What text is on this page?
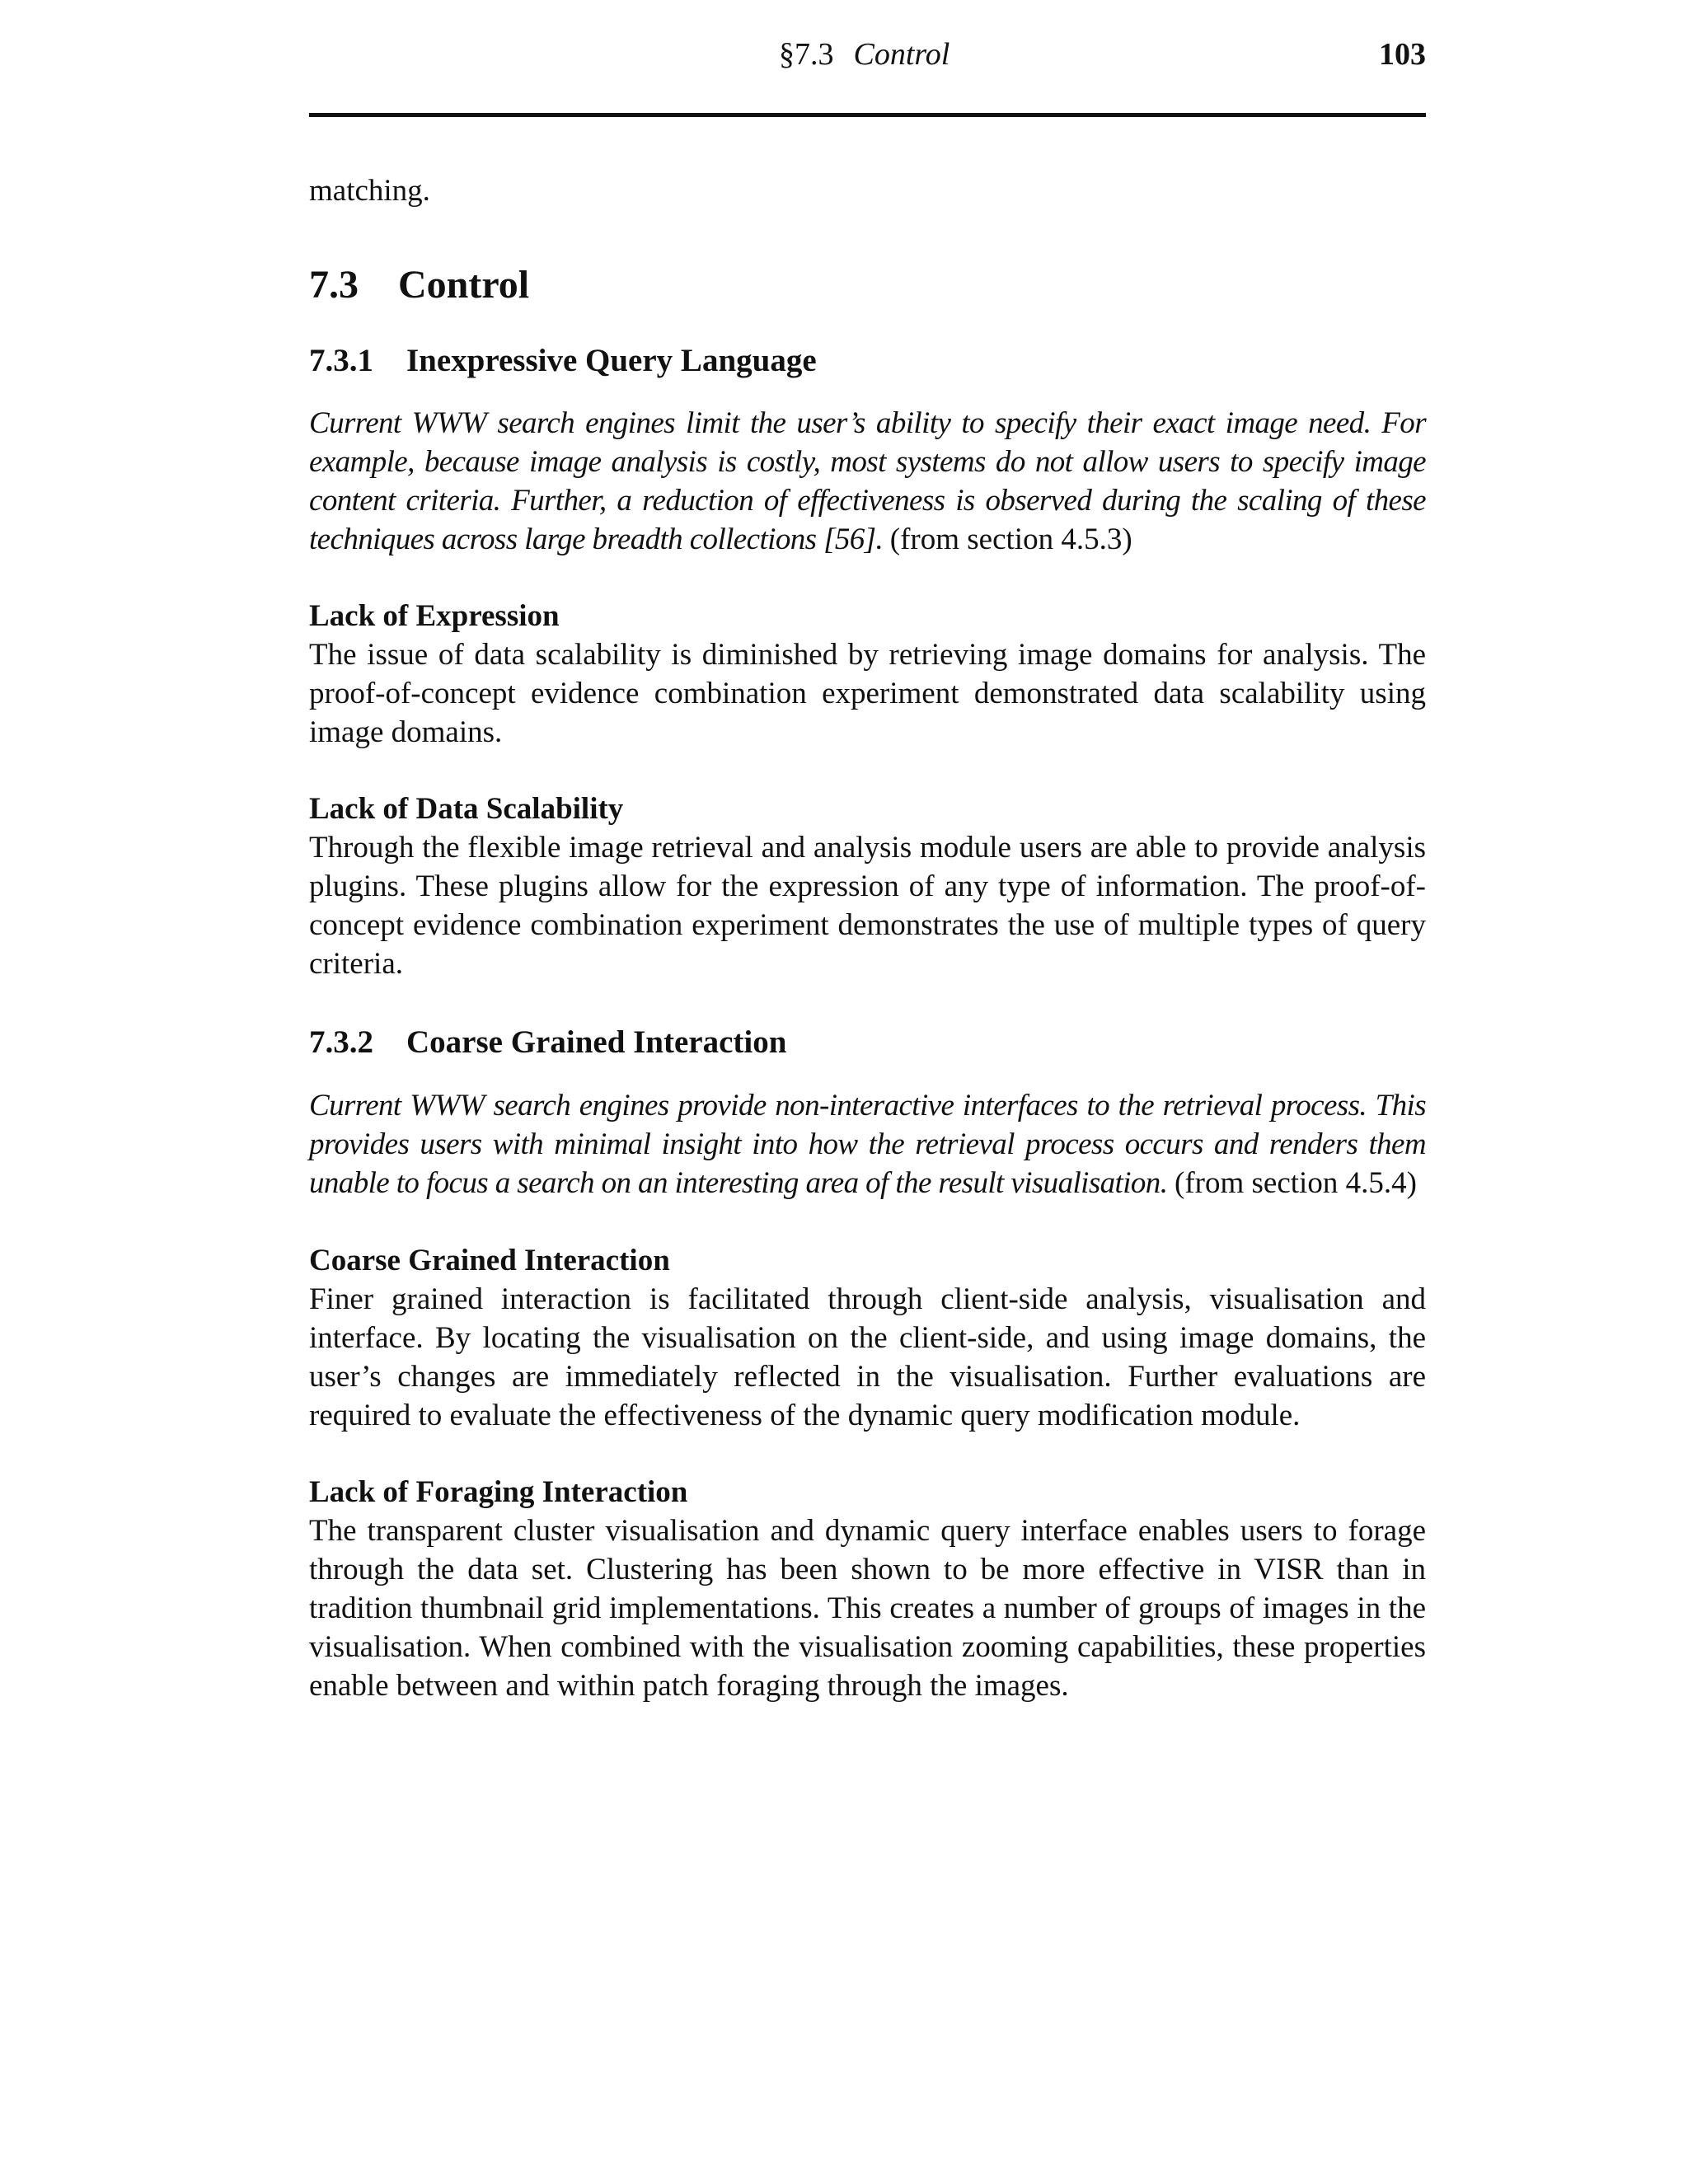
§7.3 Control	103
matching.
7.3 Control
7.3.1 Inexpressive Query Language
Current WWW search engines limit the user’s ability to specify their exact image need. For example, because image analysis is costly, most systems do not allow users to specify image content criteria. Further, a reduction of effectiveness is observed during the scaling of these techniques across large breadth collections [56]. (from section 4.5.3)
Lack of Expression
The issue of data scalability is diminished by retrieving image domains for analysis. The proof-of-concept evidence combination experiment demonstrated data scalability using image domains.
Lack of Data Scalability
Through the flexible image retrieval and analysis module users are able to provide analysis plugins. These plugins allow for the expression of any type of information. The proof-of-concept evidence combination experiment demonstrates the use of multiple types of query criteria.
7.3.2 Coarse Grained Interaction
Current WWW search engines provide non-interactive interfaces to the retrieval process. This provides users with minimal insight into how the retrieval process occurs and renders them unable to focus a search on an interesting area of the result visualisation. (from section 4.5.4)
Coarse Grained Interaction
Finer grained interaction is facilitated through client-side analysis, visualisation and interface. By locating the visualisation on the client-side, and using image domains, the user’s changes are immediately reflected in the visualisation. Further evaluations are required to evaluate the effectiveness of the dynamic query modification module.
Lack of Foraging Interaction
The transparent cluster visualisation and dynamic query interface enables users to forage through the data set. Clustering has been shown to be more effective in VISR than in tradition thumbnail grid implementations. This creates a number of groups of images in the visualisation. When combined with the visualisation zooming capabilities, these properties enable between and within patch foraging through the images.
